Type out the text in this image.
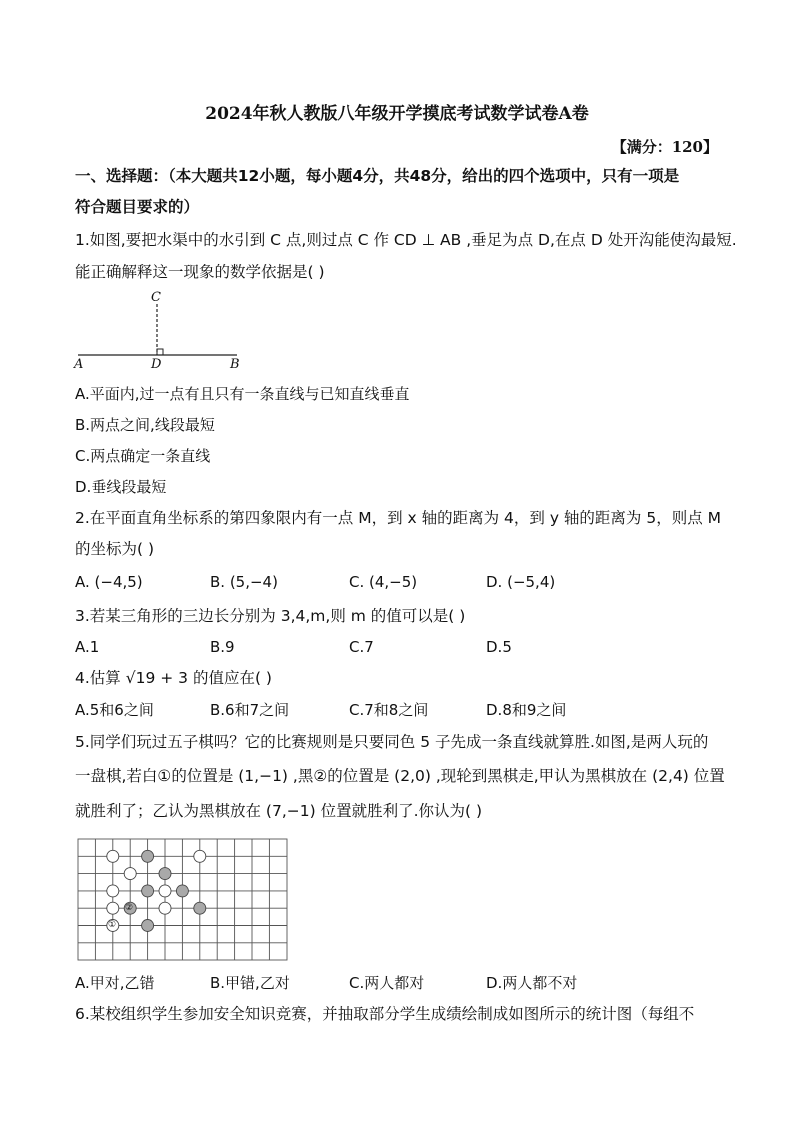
2024年秋人教版八年级开学摸底考试数学试卷A卷
【满分：120】
一、选择题：（本大题共12小题，每小题4分，共48分，给出的四个选项中，只有一项是
符合题目要求的）
1.如图,要把水渠中的水引到 C 点,则过点 C 作 CD ⊥ AB ,垂足为点 D,在点 D 处开沟能使沟最短.
能正确解释这一现象的数学依据是( )
C
A	D	B
A.平面内,过一点有且只有一条直线与已知直线垂直
B.两点之间,线段最短
C.两点确定一条直线
D.垂线段最短
2.在平面直角坐标系的第四象限内有一点 M，到 x 轴的距离为 4，到 y 轴的距离为 5，则点 M
的坐标为( )
A. (−4,5)	B. (5,−4)	C. (4,−5)	D. (−5,4)
3.若某三角形的三边长分别为 3,4,m,则 m 的值可以是( )
A.1	B.9	C.7	D.5
4.估算 √19 + 3 的值应在( )
A.5和6之间	B.6和7之间	C.7和8之间	D.8和9之间
5.同学们玩过五子棋吗？它的比赛规则是只要同色 5 子先成一条直线就算胜.如图,是两人玩的
一盘棋,若白①的位置是 (1,−1) ,黑②的位置是 (2,0) ,现轮到黑棋走,甲认为黑棋放在 (2,4) 位置
就胜利了；乙认为黑棋放在 (7,−1) 位置就胜利了.你认为( )
①
②
A.甲对,乙错	B.甲错,乙对	C.两人都对	D.两人都不对
6.某校组织学生参加安全知识竞赛，并抽取部分学生成绩绘制成如图所示的统计图（每组不
